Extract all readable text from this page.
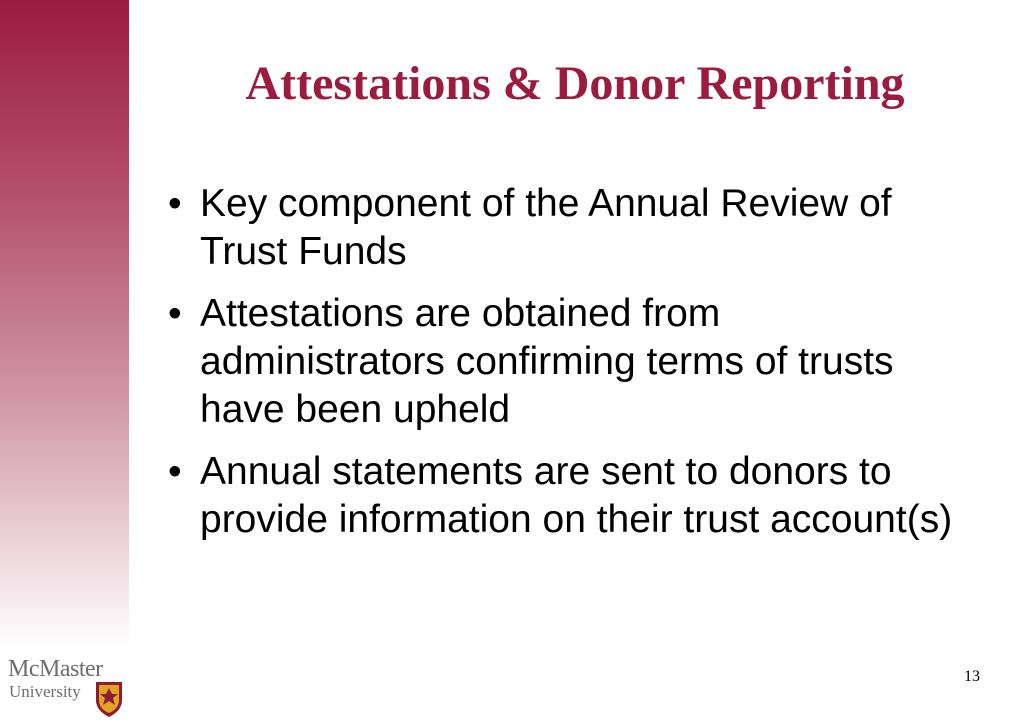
Attestations & Donor Reporting
• Key component of the Annual Review of Trust Funds
• Attestations are obtained from administrators confirming terms of trusts have been upheld
• Annual statements are sent to donors to provide information on their trust account(s)
McMaster
University
13
